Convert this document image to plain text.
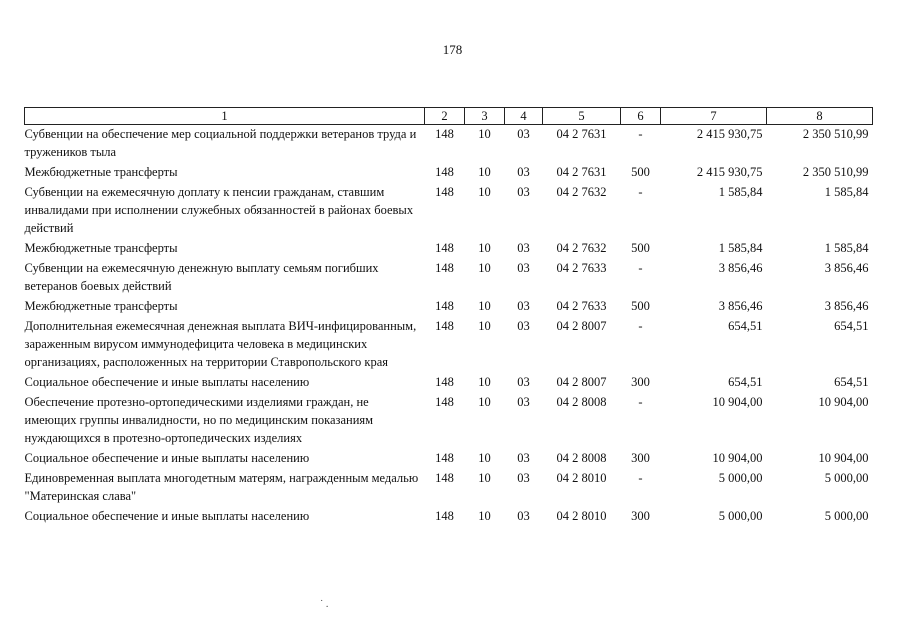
178
1	2	3	4	5	6	7	8
Субвенции на обеспечение мер социальной поддержки ветеранов труда и тружеников тыла	148	10	03	04 2 7631	-	2 415 930,75	2 350 510,99
Межбюджетные трансферты	148	10	03	04 2 7631	500	2 415 930,75	2 350 510,99
Субвенции на ежемесячную доплату к пенсии гражданам, ставшим инвалидами при исполнении служебных обязанностей в районах боевых действий	148	10	03	04 2 7632	-	1 585,84	1 585,84
Межбюджетные трансферты	148	10	03	04 2 7632	500	1 585,84	1 585,84
Субвенции на ежемесячную денежную выплату семьям погибших ветеранов боевых действий	148	10	03	04 2 7633	-	3 856,46	3 856,46
Межбюджетные трансферты	148	10	03	04 2 7633	500	3 856,46	3 856,46
Дополнительная ежемесячная денежная выплата ВИЧ-инфицированным, зараженным вирусом иммунодефицита человека в медицинских организациях, расположенных на территории Ставропольского края	148	10	03	04 2 8007	-	654,51	654,51
Социальное обеспечение и иные выплаты населению	148	10	03	04 2 8007	300	654,51	654,51
Обеспечение протезно-ортопедическими изделиями граждан, не имеющих группы инвалидности, но по медицинским показаниям нуждающихся в протезно-ортопедических изделиях	148	10	03	04 2 8008	-	10 904,00	10 904,00
Социальное обеспечение и иные выплаты населению	148	10	03	04 2 8008	300	10 904,00	10 904,00
Единовременная выплата многодетным матерям, награжденным медалью "Материнская слава"	148	10	03	04 2 8010	-	5 000,00	5 000,00
Социальное обеспечение и иные выплаты населению	148	10	03	04 2 8010	300	5 000,00	5 000,00
˙ .
